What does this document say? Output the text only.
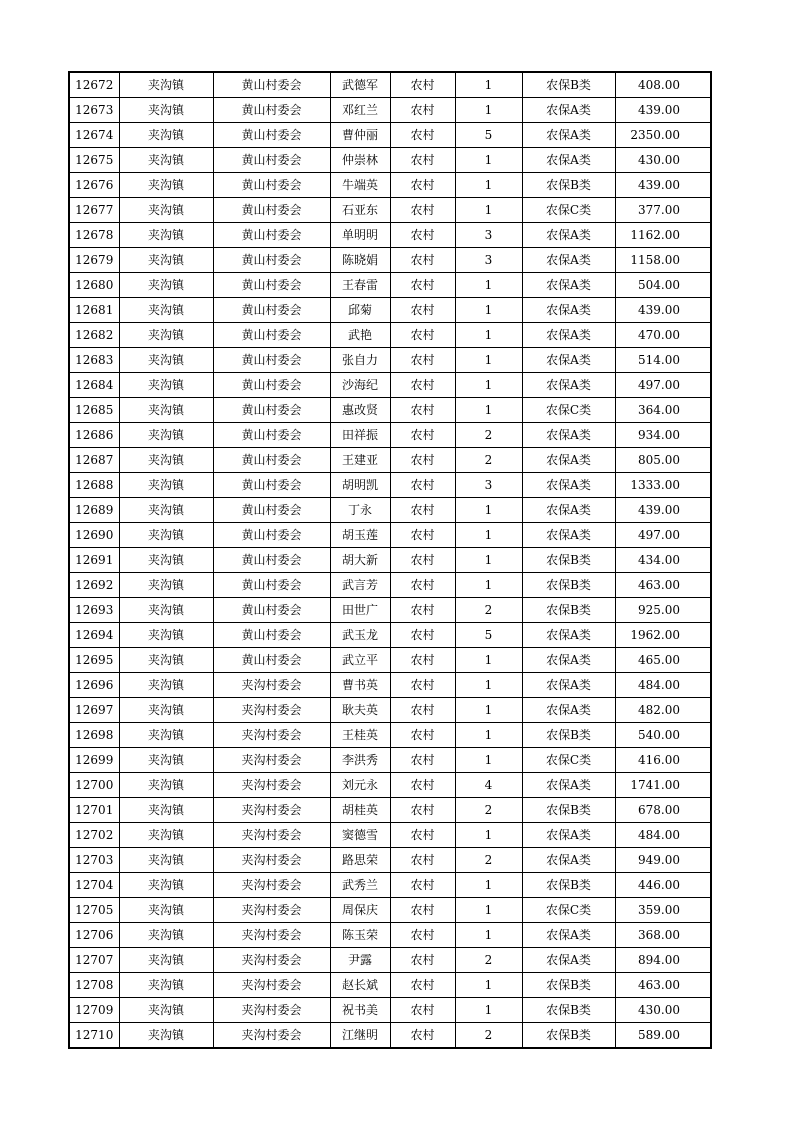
12672	夹沟镇	黄山村委会	武德军	农村	1	农保B类	408.00
12673	夹沟镇	黄山村委会	邓红兰	农村	1	农保A类	439.00
12674	夹沟镇	黄山村委会	曹仲丽	农村	5	农保A类	2350.00
12675	夹沟镇	黄山村委会	仲崇林	农村	1	农保A类	430.00
12676	夹沟镇	黄山村委会	牛端英	农村	1	农保B类	439.00
12677	夹沟镇	黄山村委会	石亚东	农村	1	农保C类	377.00
12678	夹沟镇	黄山村委会	单明明	农村	3	农保A类	1162.00
12679	夹沟镇	黄山村委会	陈晓娟	农村	3	农保A类	1158.00
12680	夹沟镇	黄山村委会	王春雷	农村	1	农保A类	504.00
12681	夹沟镇	黄山村委会	邱菊	农村	1	农保A类	439.00
12682	夹沟镇	黄山村委会	武艳	农村	1	农保A类	470.00
12683	夹沟镇	黄山村委会	张自力	农村	1	农保A类	514.00
12684	夹沟镇	黄山村委会	沙海纪	农村	1	农保A类	497.00
12685	夹沟镇	黄山村委会	惠改贤	农村	1	农保C类	364.00
12686	夹沟镇	黄山村委会	田祥振	农村	2	农保A类	934.00
12687	夹沟镇	黄山村委会	王建亚	农村	2	农保A类	805.00
12688	夹沟镇	黄山村委会	胡明凯	农村	3	农保A类	1333.00
12689	夹沟镇	黄山村委会	丁永	农村	1	农保A类	439.00
12690	夹沟镇	黄山村委会	胡玉莲	农村	1	农保A类	497.00
12691	夹沟镇	黄山村委会	胡大新	农村	1	农保B类	434.00
12692	夹沟镇	黄山村委会	武言芳	农村	1	农保B类	463.00
12693	夹沟镇	黄山村委会	田世广	农村	2	农保B类	925.00
12694	夹沟镇	黄山村委会	武玉龙	农村	5	农保A类	1962.00
12695	夹沟镇	黄山村委会	武立平	农村	1	农保A类	465.00
12696	夹沟镇	夹沟村委会	曹书英	农村	1	农保A类	484.00
12697	夹沟镇	夹沟村委会	耿夫英	农村	1	农保A类	482.00
12698	夹沟镇	夹沟村委会	王桂英	农村	1	农保B类	540.00
12699	夹沟镇	夹沟村委会	李洪秀	农村	1	农保C类	416.00
12700	夹沟镇	夹沟村委会	刘元永	农村	4	农保A类	1741.00
12701	夹沟镇	夹沟村委会	胡桂英	农村	2	农保B类	678.00
12702	夹沟镇	夹沟村委会	窦德雪	农村	1	农保A类	484.00
12703	夹沟镇	夹沟村委会	路思荣	农村	2	农保A类	949.00
12704	夹沟镇	夹沟村委会	武秀兰	农村	1	农保B类	446.00
12705	夹沟镇	夹沟村委会	周保庆	农村	1	农保C类	359.00
12706	夹沟镇	夹沟村委会	陈玉荣	农村	1	农保A类	368.00
12707	夹沟镇	夹沟村委会	尹露	农村	2	农保A类	894.00
12708	夹沟镇	夹沟村委会	赵长斌	农村	1	农保B类	463.00
12709	夹沟镇	夹沟村委会	祝书美	农村	1	农保B类	430.00
12710	夹沟镇	夹沟村委会	江继明	农村	2	农保B类	589.00
